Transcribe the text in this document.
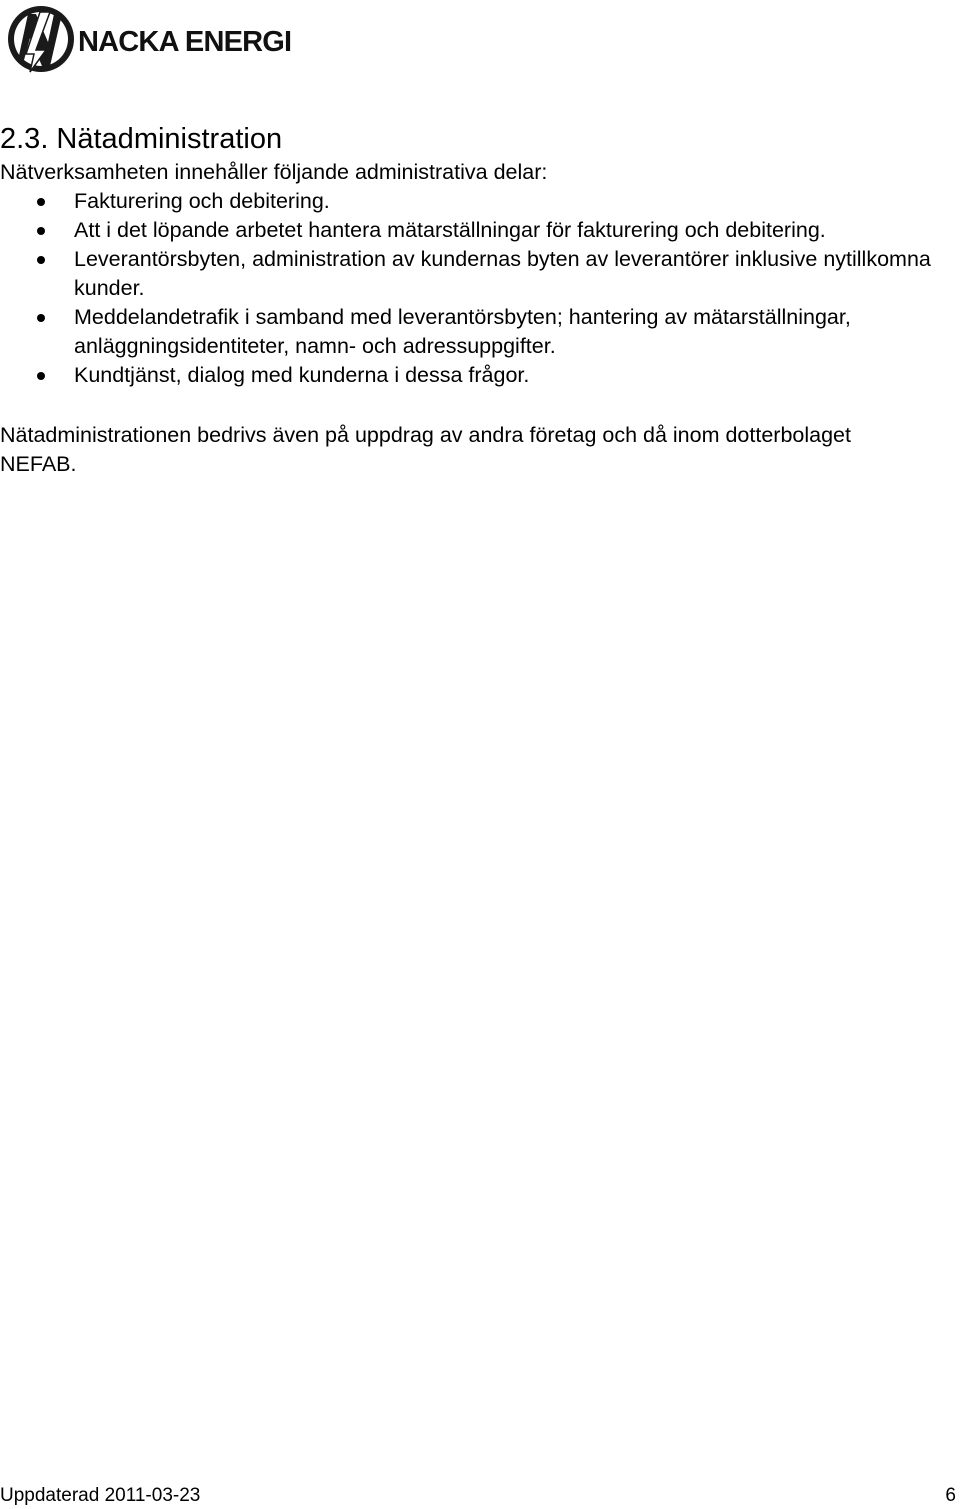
NACKA ENERGI
2.3. Nätadministration

Nätverksamheten innehåller följande administrativa delar:

Fakturering och debitering.
Att i det löpande arbetet hantera mätarställningar för fakturering och debitering.
Leverantörsbyten, administration av kundernas byten av leverantörer inklusive nytillkomna kunder.
Meddelandetrafik i samband med leverantörsbyten; hantering av mätarställningar, anläggningsidentiteter, namn- och adressuppgifter.
Kundtjänst, dialog med kunderna i dessa frågor.

Nätadministrationen bedrivs även på uppdrag av andra företag och då inom dotterbolaget NEFAB.

Uppdaterad 2011-03-23	6
